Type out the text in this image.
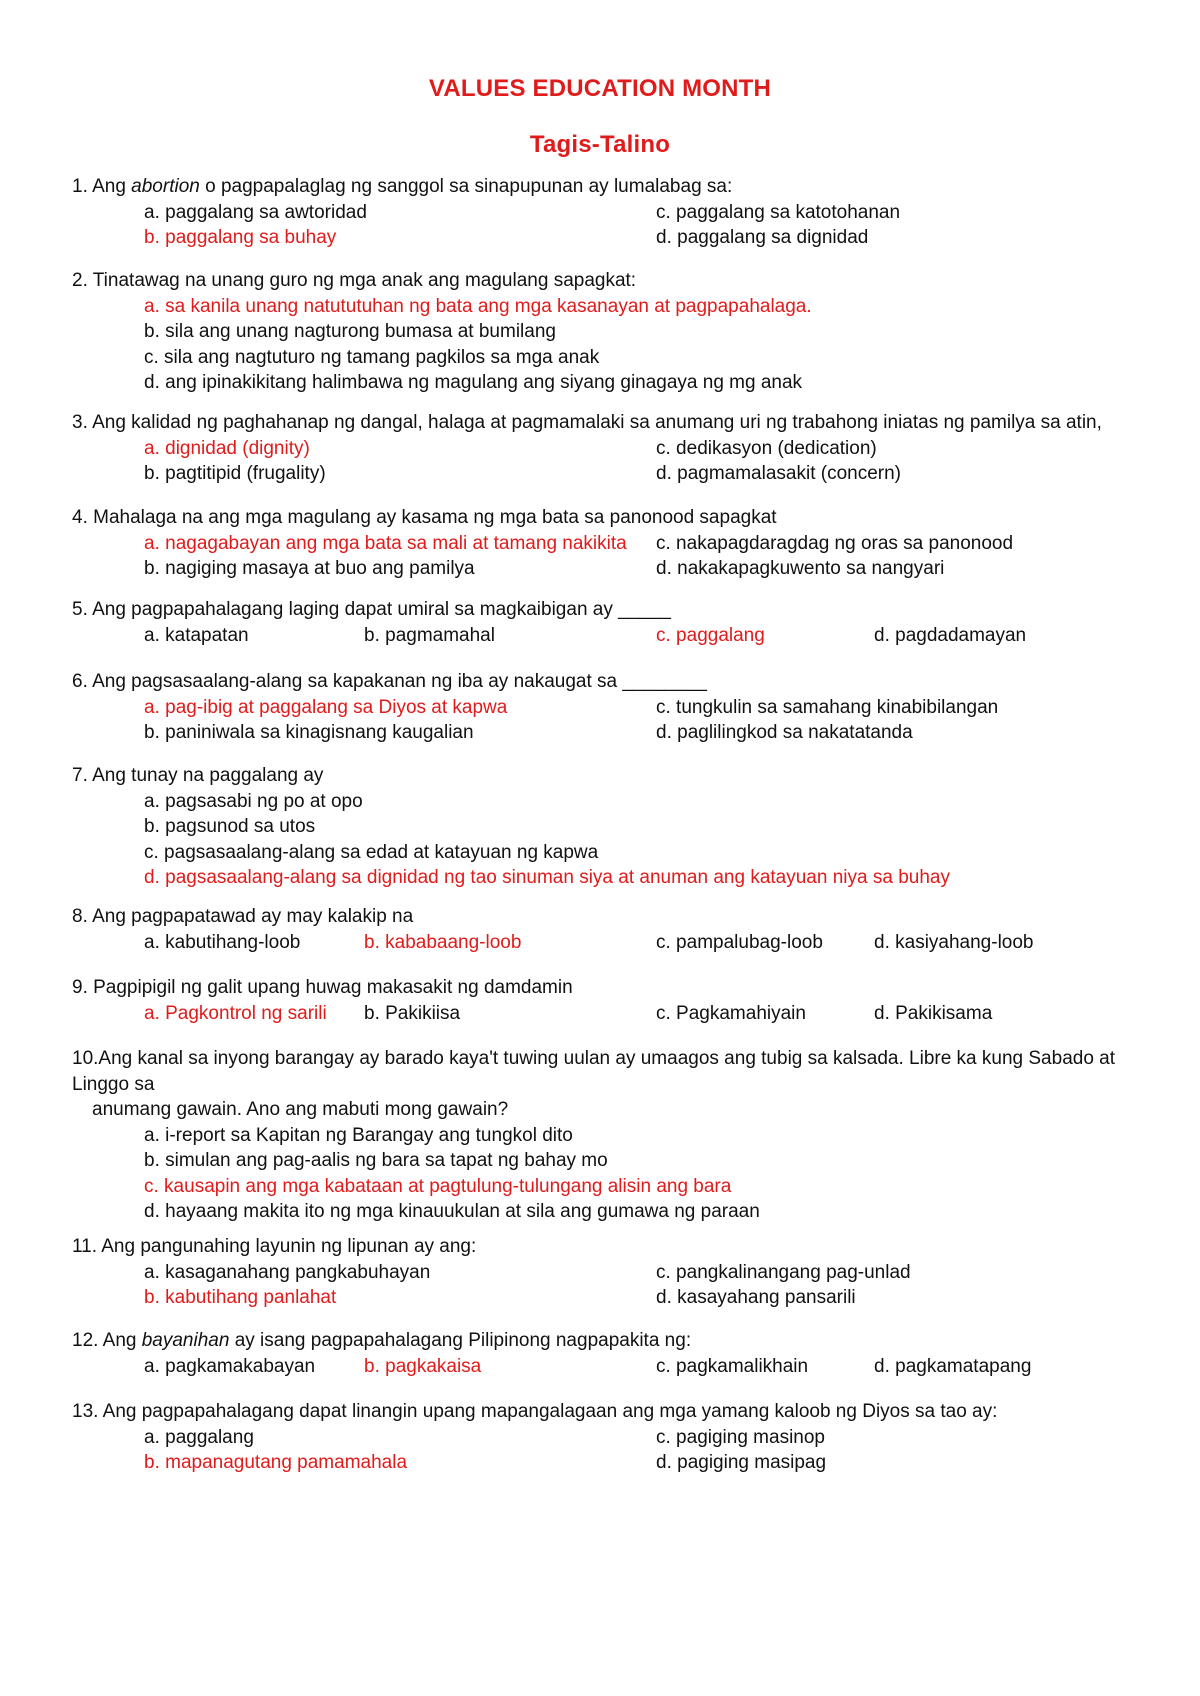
VALUES EDUCATION MONTH
Tagis-Talino

1. Ang abortion o pagpapalaglag ng sanggol sa sinapupunan ay lumalabag sa:

a. paggalang sa awtoridad	c. paggalang sa katotohanan
b. paggalang sa buhay	d. paggalang sa dignidad

2. Tinatawag na unang guro ng mga anak ang magulang sapagkat:

a. sa kanila unang natututuhan ng bata ang mga kasanayan at pagpapahalaga.
b. sila ang unang nagturong bumasa at bumilang
c. sila ang nagtuturo ng tamang pagkilos sa mga anak
d. ang ipinakikitang halimbawa ng magulang ang siyang ginagaya ng mg anak

3. Ang kalidad ng paghahanap ng dangal, halaga at pagmamalaki sa anumang uri ng trabahong iniatas ng pamilya sa atin,

a. dignidad (dignity)	c. dedikasyon (dedication)
b. pagtitipid (frugality)	d. pagmamalasakit (concern)

4. Mahalaga na ang mga magulang ay kasama ng mga bata sa panonood sapagkat

a. nagagabayan ang mga bata sa mali at tamang nakikita c. nakapagdaragdag ng oras sa panonood
b. nagiging masaya at buo ang pamilya	d. nakakapagkuwento sa nangyari

5. Ang pagpapahalagang laging dapat umiral sa magkaibigan ay _____

a. katapatan	b. pagmamahal	c. paggalang	d. pagdadamayan

6. Ang pagsasaalang-alang sa kapakanan ng iba ay nakaugat sa ________

a. pag-ibig at paggalang sa Diyos at kapwa	c. tungkulin sa samahang kinabibilangan
b. paniniwala sa kinagisnang kaugalian	d. paglilingkod sa nakatatanda

7. Ang tunay na paggalang ay

a. pagsasabi ng po at opo
b. pagsunod sa utos
c. pagsasaalang-alang sa edad at katayuan ng kapwa
d. pagsasaalang-alang sa dignidad ng tao sinuman siya at anuman ang katayuan niya sa buhay

8. Ang pagpapatawad ay may kalakip na

a. kabutihang-loob	b. kababaang-loob	c. pampalubag-loob	d. kasiyahang-loob

9. Pagpipigil ng galit upang huwag makasakit ng damdamin

a. Pagkontrol ng sarili b. Pakikiisa	c. Pagkamahiyain	d. Pakikisama

10.Ang kanal sa inyong barangay ay barado kaya't tuwing uulan ay umaagos ang tubig sa kalsada. Libre ka kung Sabado at Linggo sa

anumang gawain. Ano ang mabuti mong gawain?

a. i-report sa Kapitan ng Barangay ang tungkol dito
b. simulan ang pag-aalis ng bara sa tapat ng bahay mo
c. kausapin ang mga kabataan at pagtulung-tulungang alisin ang bara
d. hayaang makita ito ng mga kinauukulan at sila ang gumawa ng paraan

11. Ang pangunahing layunin ng lipunan ay ang:

a. kasaganahang pangkabuhayan	c. pangkalinangang pag-unlad
b. kabutihang panlahat	d. kasayahang pansarili

12. Ang bayanihan ay isang pagpapahalagang Pilipinong nagpapakita ng:

a. pagkamakabayan	b. pagkakaisa	c. pagkamalikhain	d. pagkamatapang

13. Ang pagpapahalagang dapat linangin upang mapangalagaan ang mga yamang kaloob ng Diyos sa tao ay:

a. paggalang	c. pagiging masinop
b. mapanagutang pamamahala	d. pagiging masipag
